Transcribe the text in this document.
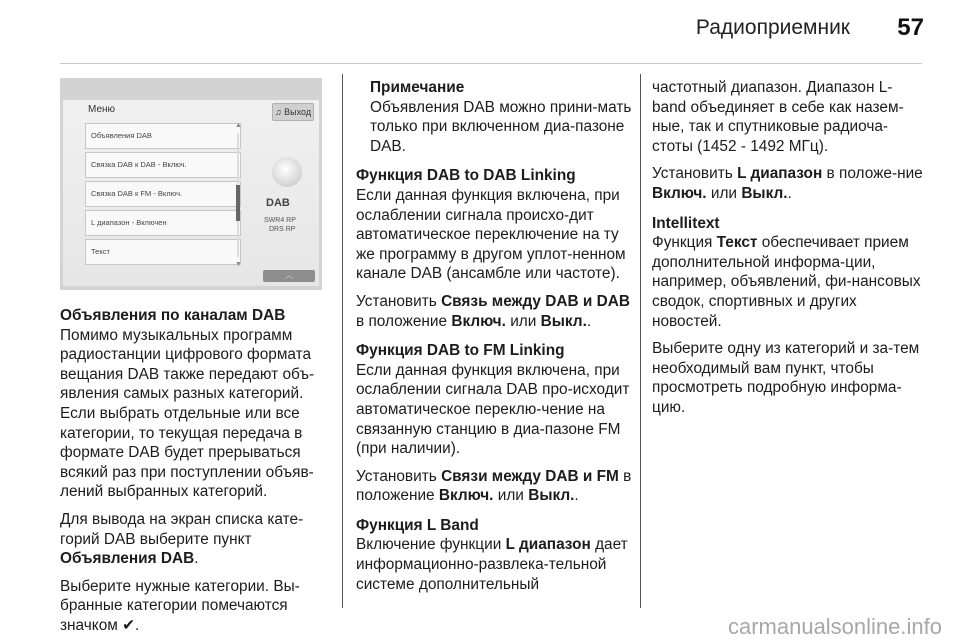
Радиоприемник 57
Меню	♫ Выход
Объявления DAB
Связка DAB к DAB - Включ.
Связка DAB к FM - Включ.
L диапазон - Включен
Текст
▲
▼
DAB
SWR4 RP
DRS RP
︿

Объявления по каналам DAB

Помимо музыкальных программ радиостанции цифрового формата вещания DAB также передают объ-явления самых разных категорий. Если выбрать отдельные или все категории, то текущая передача в формате DAB будет прерываться всякий раз при поступлении объяв-лений выбранных категорий.

Для вывода на экран списка кате-горий DAB выберите пункт Объявления DAB.

Выберите нужные категории. Вы-бранные категории помечаются значком ✔.

Примечание

Объявления DAB можно прини-мать только при включенном диа-пазоне DAB.

Функция DAB to DAB Linking

Если данная функция включена, при ослаблении сигнала происхо-дит автоматическое переключение на ту же программу в другом уплот-ненном канале DAB (ансамбле или частоте).

Установить Связь между DAB и DAB в положение Включ. или Выкл..

Функция DAB to FM Linking

Если данная функция включена, при ослаблении сигнала DAB про-исходит автоматическое переклю-чение на связанную станцию в диа-пазоне FM (при наличии).

Установить Связи между DAB и FM в положение Включ. или Выкл..

Функция L Band

Включение функции L диапазон дает информационно-развлека-тельной системе дополнительный

частотный диапазон. Диапазон L-band объединяет в себе как назем-ные, так и спутниковые радиоча-стоты (1452 - 1492 МГц).

Установить L диапазон в положе-ние Включ. или Выкл..

Intellitext

Функция Текст обеспечивает прием дополнительной информа-ции, например, объявлений, фи-нансовых сводок, спортивных и других новостей.

Выберите одну из категорий и за-тем необходимый вам пункт, чтобы просмотреть подробную информа-цию.

carmanualsonline.info
